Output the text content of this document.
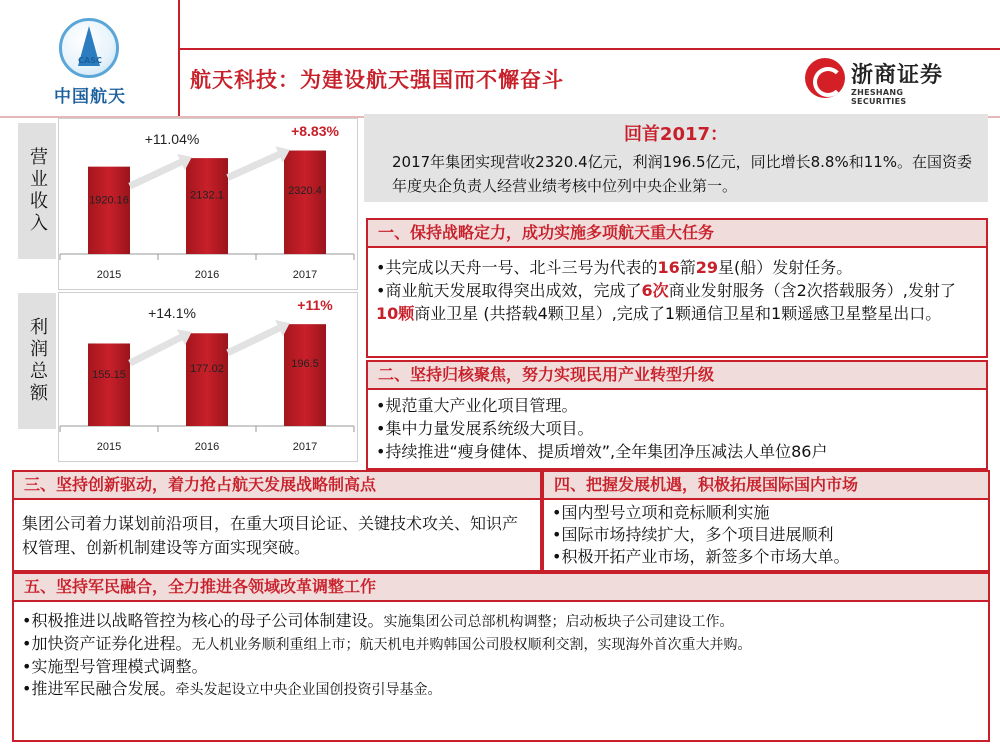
CASC
中国航天
航天科技：为建设航天强国而不懈奋斗	浙商证券
ZHESHANG SECURITIES
营业收入
利润总额
1920.16
2015
2132.1
2016
2320.4
2017
+11.04%	+8.83%
155.15
2015
177.02
2016
196.5
2017
+14.1%	+11%
回首2017：
2017年集团实现营收2320.4亿元，利润196.5亿元，同比增长8.8%和11%。在国资委年度央企负责人经营业绩考核中位列中央企业第一。
一、保持战略定力，成功实施多项航天重大任务
•共完成以天舟一号、北斗三号为代表的16箭29星(船）发射任务。
•商业航天发展取得突出成效，完成了6次商业发射服务（含2次搭载服务）,发射了 10颗商业卫星 (共搭载4颗卫星）,完成了1颗通信卫星和1颗遥感卫星整星出口。
二、坚持归核聚焦，努力实现民用产业转型升级
•规范重大产业化项目管理。
•集中力量发展系统级大项目。
•持续推进“瘦身健体、提质增效”,全年集团净压减法人单位86户
三、坚持创新驱动，着力抢占航天发展战略制高点
集团公司着力谋划前沿项目，在重大项目论证、关键技术攻关、知识产权管理、创新机制建设等方面实现突破。
四、把握发展机遇，积极拓展国际国内市场
•国内型号立项和竞标顺利实施
•国际市场持续扩大，多个项目进展顺利
•积极开拓产业市场，新签多个市场大单。
五、坚持军民融合，全力推进各领域改革调整工作
•积极推进以战略管控为核心的母子公司体制建设。实施集团公司总部机构调整；启动板块子公司建设工作。
•加快资产证券化进程。无人机业务顺利重组上市；航天机电并购韩国公司股权顺利交割，实现海外首次重大并购。
•实施型号管理模式调整。
•推进军民融合发展。牵头发起设立中央企业国创投资引导基金。
